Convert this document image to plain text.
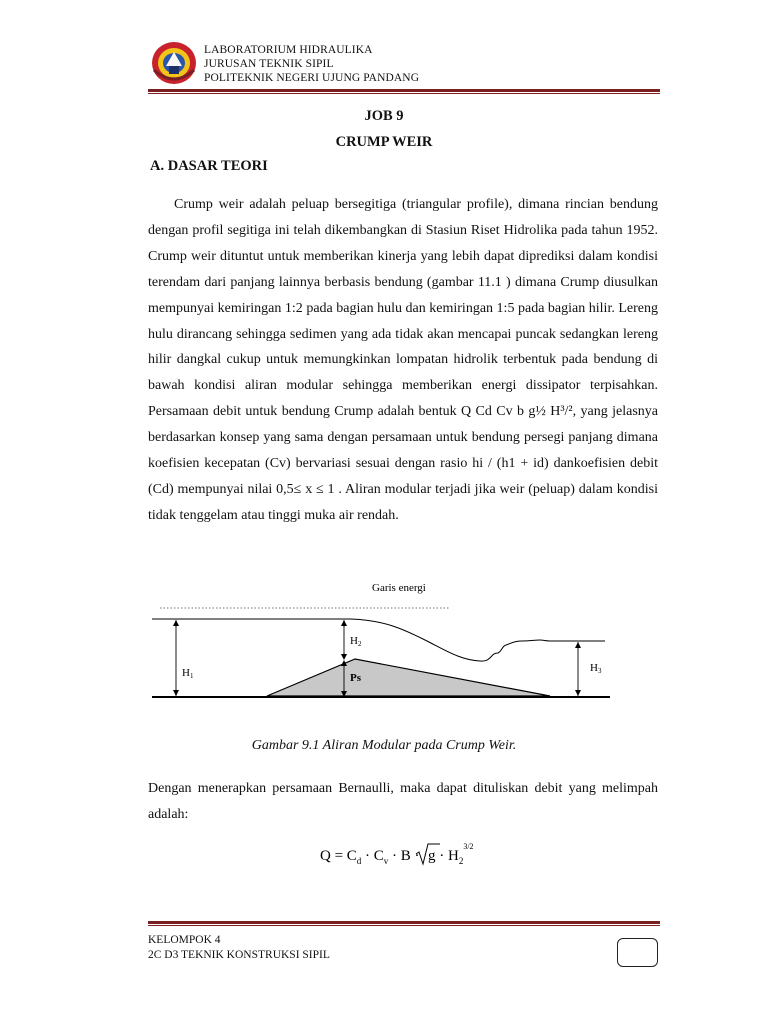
LABORATORIUM HIDRAULIKA
JURUSAN TEKNIK SIPIL
POLITEKNIK NEGERI UJUNG PANDANG
JOB 9
CRUMP WEIR
A. DASAR TEORI

Crump weir adalah peluap bersegitiga (triangular profile), dimana rincian bendung dengan profil segitiga ini telah dikembangkan di Stasiun Riset Hidrolika pada tahun 1952. Crump weir dituntut untuk memberikan kinerja yang lebih dapat diprediksi dalam kondisi terendam dari panjang lainnya berbasis bendung (gambar 11.1 ) dimana Crump diusulkan mempunyai kemiringan 1:2 pada bagian hulu dan kemiringan 1:5 pada bagian hilir. Lereng hulu dirancang sehingga sedimen yang ada tidak akan mencapai puncak sedangkan lereng hilir dangkal cukup untuk memungkinkan lompatan hidrolik terbentuk pada bendung di bawah kondisi aliran modular sehingga memberikan energi dissipator terpisahkan. Persamaan debit untuk bendung Crump adalah bentuk Q Cd Cv b g½ H³/², yang jelasnya berdasarkan konsep yang sama dengan persamaan untuk bendung persegi panjang dimana koefisien kecepatan (Cv) bervariasi sesuai dengan rasio hi / (h1 + id) dankoefisien debit (Cd) mempunyai nilai 0,5≤ x ≤ 1 . Aliran modular terjadi jika weir (peluap) dalam kondisi tidak tenggelam atau tinggi muka air rendah.

Garis energi
H1
H2
Ps
H3
Gambar 9.1 Aliran Modular pada Crump Weir.
Dengan menerapkan persamaan Bernaulli, maka dapat dituliskan debit yang melimpah adalah:
$Q = C_d \cdot C_v \cdot B \cdot g \cdot H_2^{3/2}$
KELOMPOK 4
2C D3 TEKNIK KONSTRUKSI SIPIL
